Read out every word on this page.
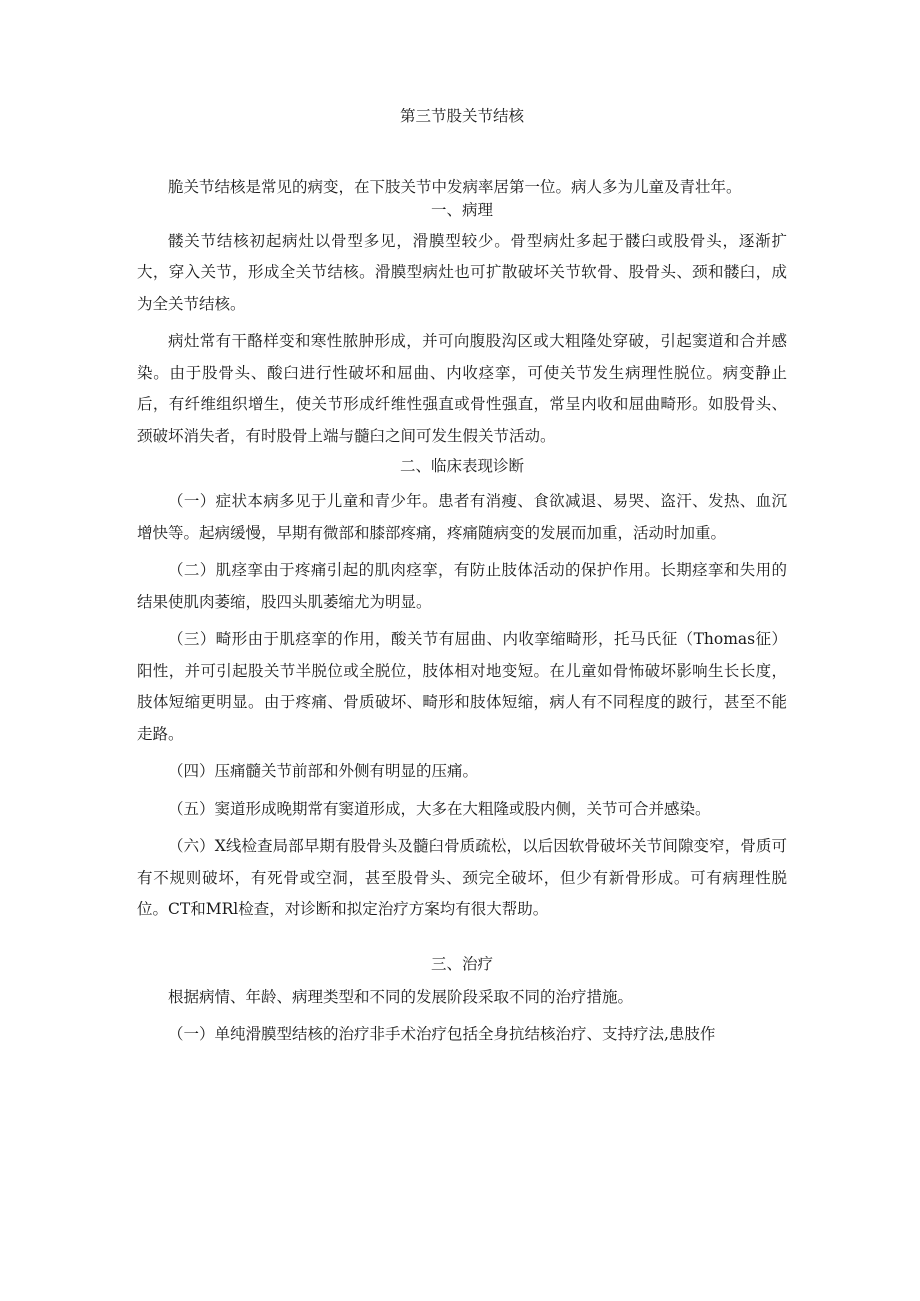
第三节股关节结核

脆关节结核是常见的病变，在下肢关节中发病率居第一位。病人多为儿童及青壮年。

一、病理

髅关节结核初起病灶以骨型多见，滑膜型较少。骨型病灶多起于髅臼或股骨头，逐渐扩大，穿入关节，形成全关节结核。滑膜型病灶也可扩散破坏关节软骨、股骨头、颈和髅臼，成为全关节结核。

病灶常有干酪样变和寒性脓肿形成，并可向腹股沟区或大粗隆处穿破，引起窦道和合并感染。由于股骨头、酸臼进行性破坏和屈曲、内收痉挛，可使关节发生病理性脱位。病变静止后，有纤维组织增生，使关节形成纤维性强直或骨性强直，常呈内收和屈曲畸形。如股骨头、颈破坏消失者，有时股骨上端与髓臼之间可发生假关节活动。

二、临床表现诊断

（一）症状本病多见于儿童和青少年。患者有消瘦、食欲减退、易哭、盗汗、发热、血沉增快等。起病缓慢，早期有微部和膝部疼痛，疼痛随病变的发展而加重，活动时加重。

（二）肌痉挛由于疼痛引起的肌肉痉挛，有防止肢体活动的保护作用。长期痉挛和失用的结果使肌肉萎缩，股四头肌萎缩尤为明显。

（三）畸形由于肌痉挛的作用，酸关节有屈曲、内收挛缩畸形，托马氏征（Thomas征）阳性，并可引起股关节半脱位或全脱位，肢体相对地变短。在儿童如骨怖破坏影响生长长度，肢体短缩更明显。由于疼痛、骨质破坏、畸形和肢体短缩，病人有不同程度的跛行，甚至不能走路。

（四）压痛髓关节前部和外侧有明显的压痛。

（五）窦道形成晚期常有窦道形成，大多在大粗隆或股内侧，关节可合并感染。

（六）X线检查局部早期有股骨头及髓臼骨质疏松，以后因软骨破坏关节间隙变窄，骨质可有不规则破坏，有死骨或空洞，甚至股骨头、颈完全破坏，但少有新骨形成。可有病理性脱位。CT和MRl检查，对诊断和拟定治疗方案均有很大帮助。

三、治疗

根据病情、年龄、病理类型和不同的发展阶段采取不同的治疗措施。

（一）单纯滑膜型结核的治疗非手术治疗包括全身抗结核治疗、支持疗法,患肢作
